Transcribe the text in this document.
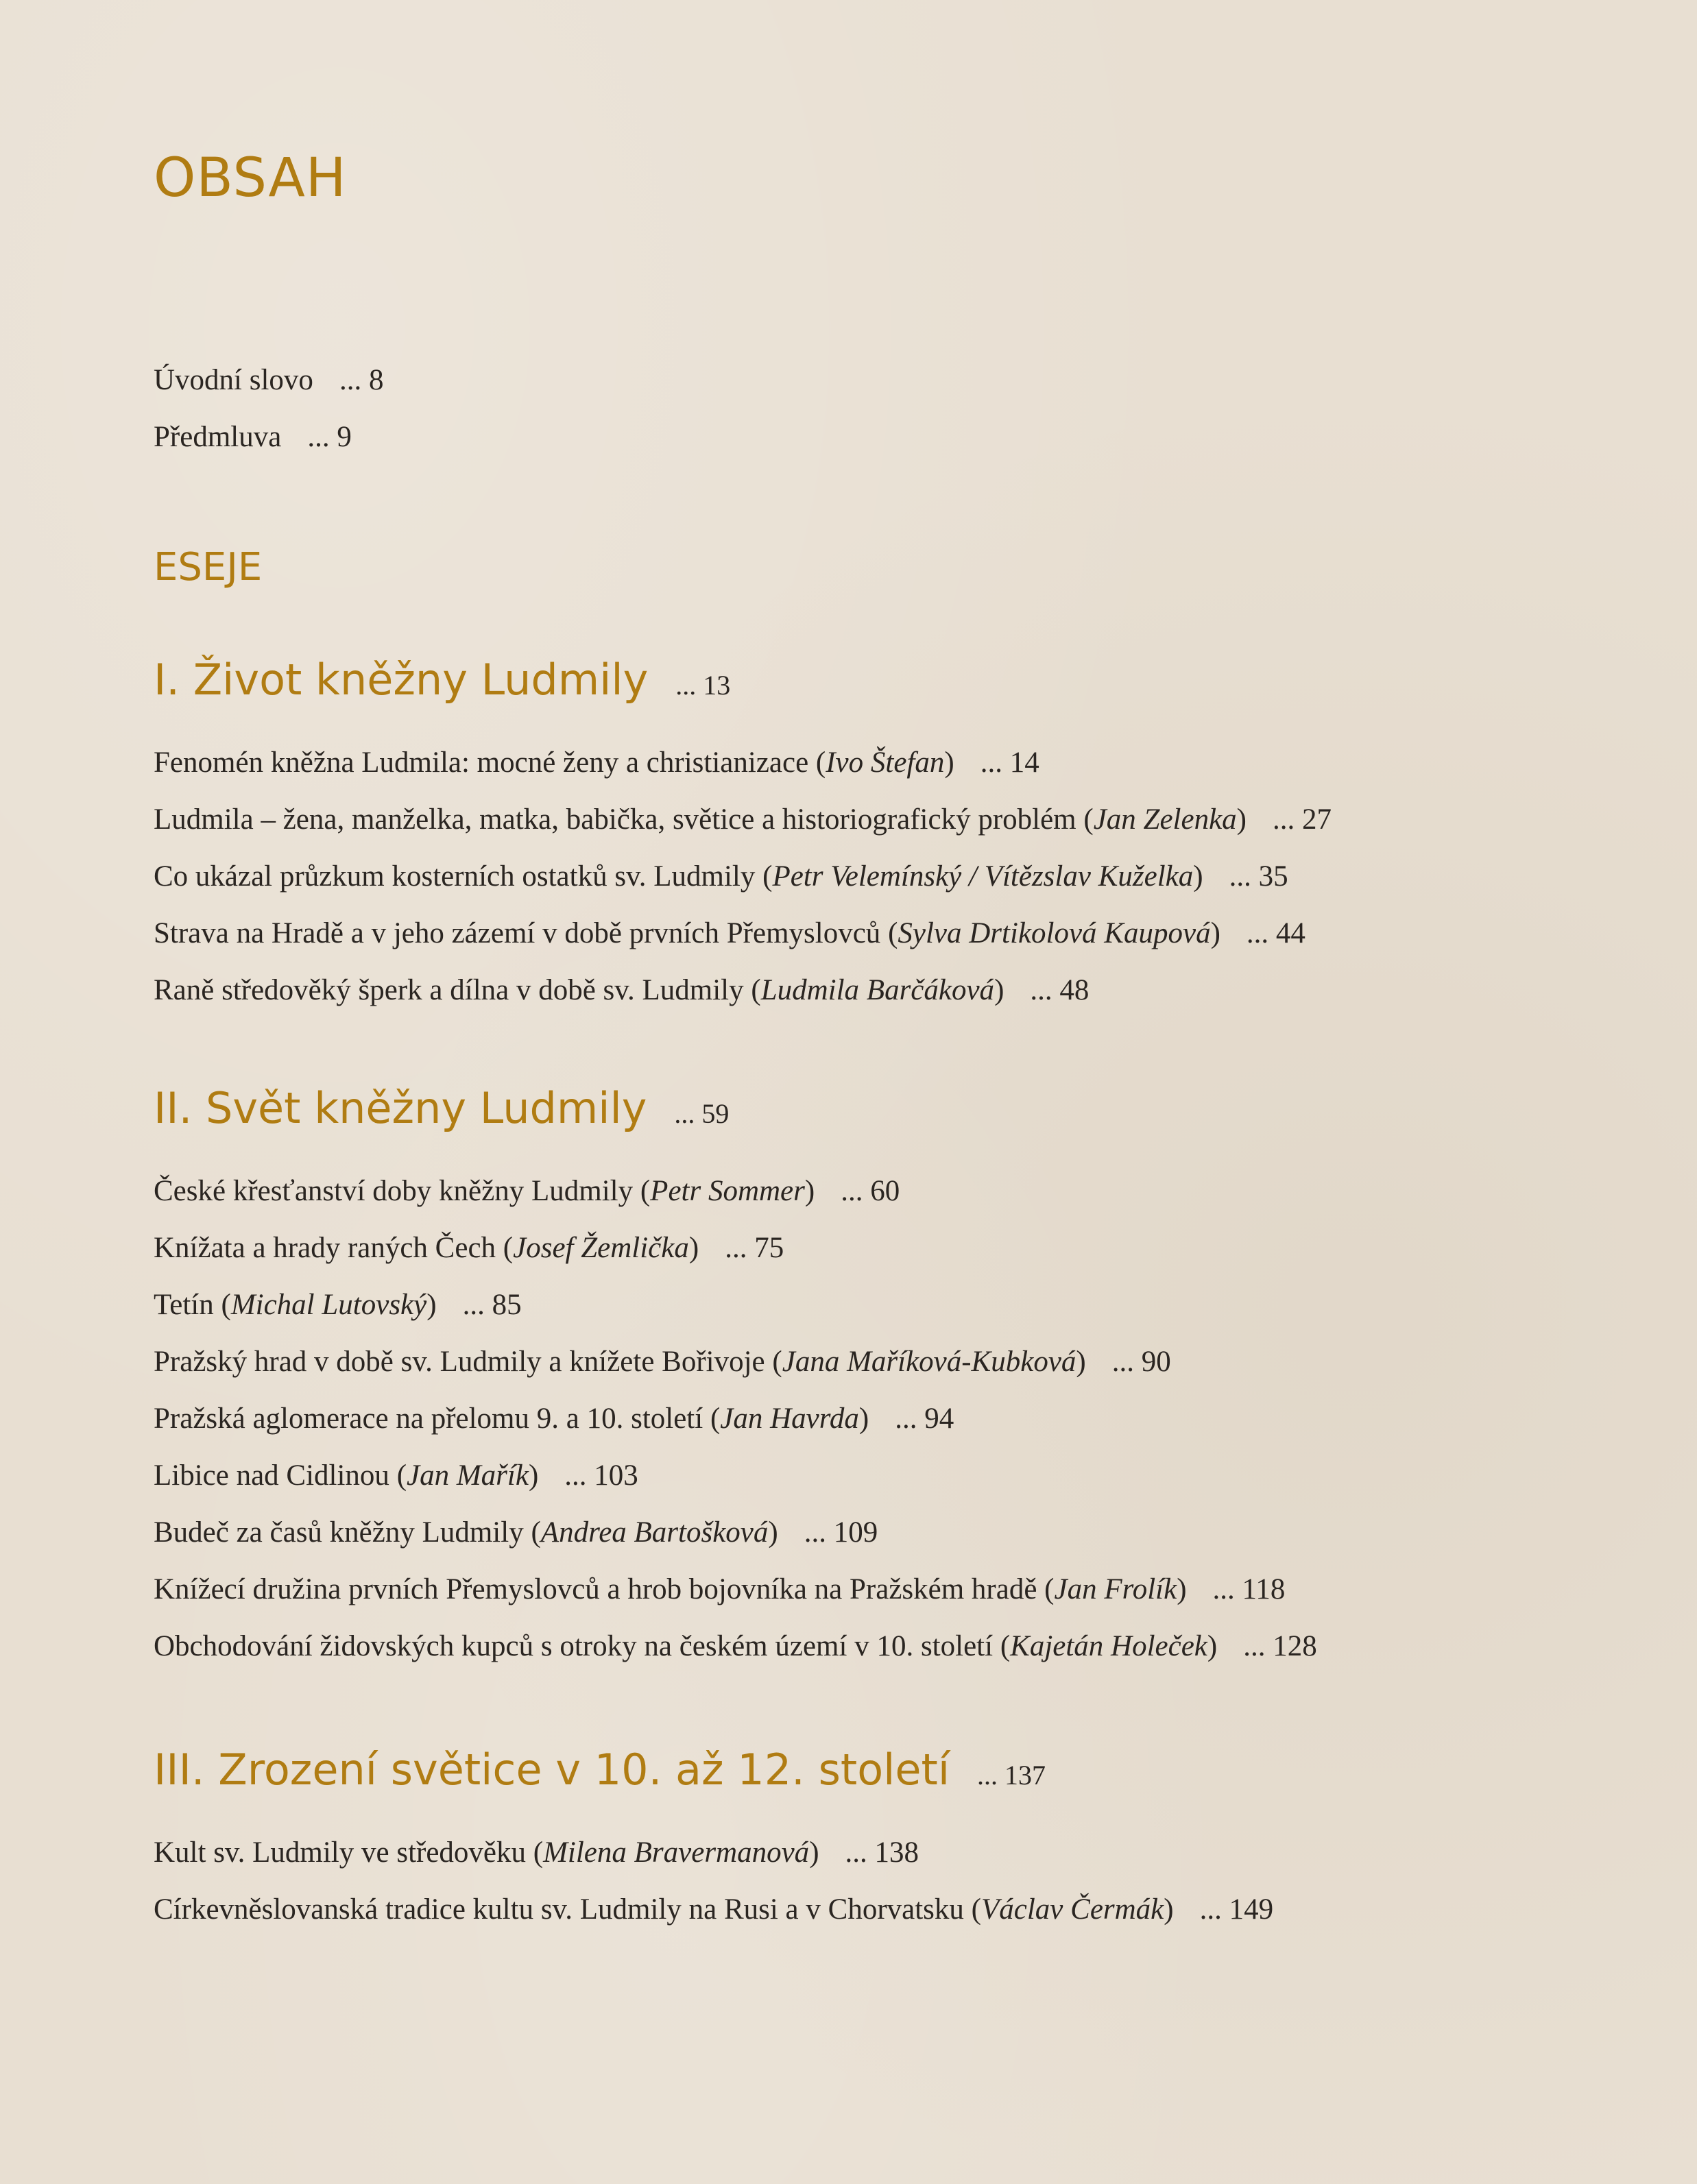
OBSAH
Úvodní slovo ... 8
Předmluva ... 9
ESEJE
I. Život kněžny Ludmily ... 13
Fenomén kněžna Ludmila: mocné ženy a christianizace (Ivo Štefan) ... 14
Ludmila – žena, manželka, matka, babička, světice a historiografický problém (Jan Zelenka) ... 27
Co ukázal průzkum kosterních ostatků sv. Ludmily (Petr Velemínský / Vítězslav Kuželka) ... 35
Strava na Hradě a v jeho zázemí v době prvních Přemyslovců (Sylva Drtikolová Kaupová) ... 44
Raně středověký šperk a dílna v době sv. Ludmily (Ludmila Barčáková) ... 48
II. Svět kněžny Ludmily ... 59
České křesťanství doby kněžny Ludmily (Petr Sommer) ... 60
Knížata a hrady raných Čech (Josef Žemlička) ... 75
Tetín (Michal Lutovský) ... 85
Pražský hrad v době sv. Ludmily a knížete Bořivoje (Jana Maříková-Kubková) ... 90
Pražská aglomerace na přelomu 9. a 10. století (Jan Havrda) ... 94
Libice nad Cidlinou (Jan Mařík) ... 103
Budeč za časů kněžny Ludmily (Andrea Bartošková) ... 109
Knížecí družina prvních Přemyslovců a hrob bojovníka na Pražském hradě (Jan Frolík) ... 118
Obchodování židovských kupců s otroky na českém území v 10. století (Kajetán Holeček) ... 128
III. Zrození světice v 10. až 12. století ... 137
Kult sv. Ludmily ve středověku (Milena Bravermanová) ... 138
Církevněslovanská tradice kultu sv. Ludmily na Rusi a v Chorvatsku (Václav Čermák) ... 149
